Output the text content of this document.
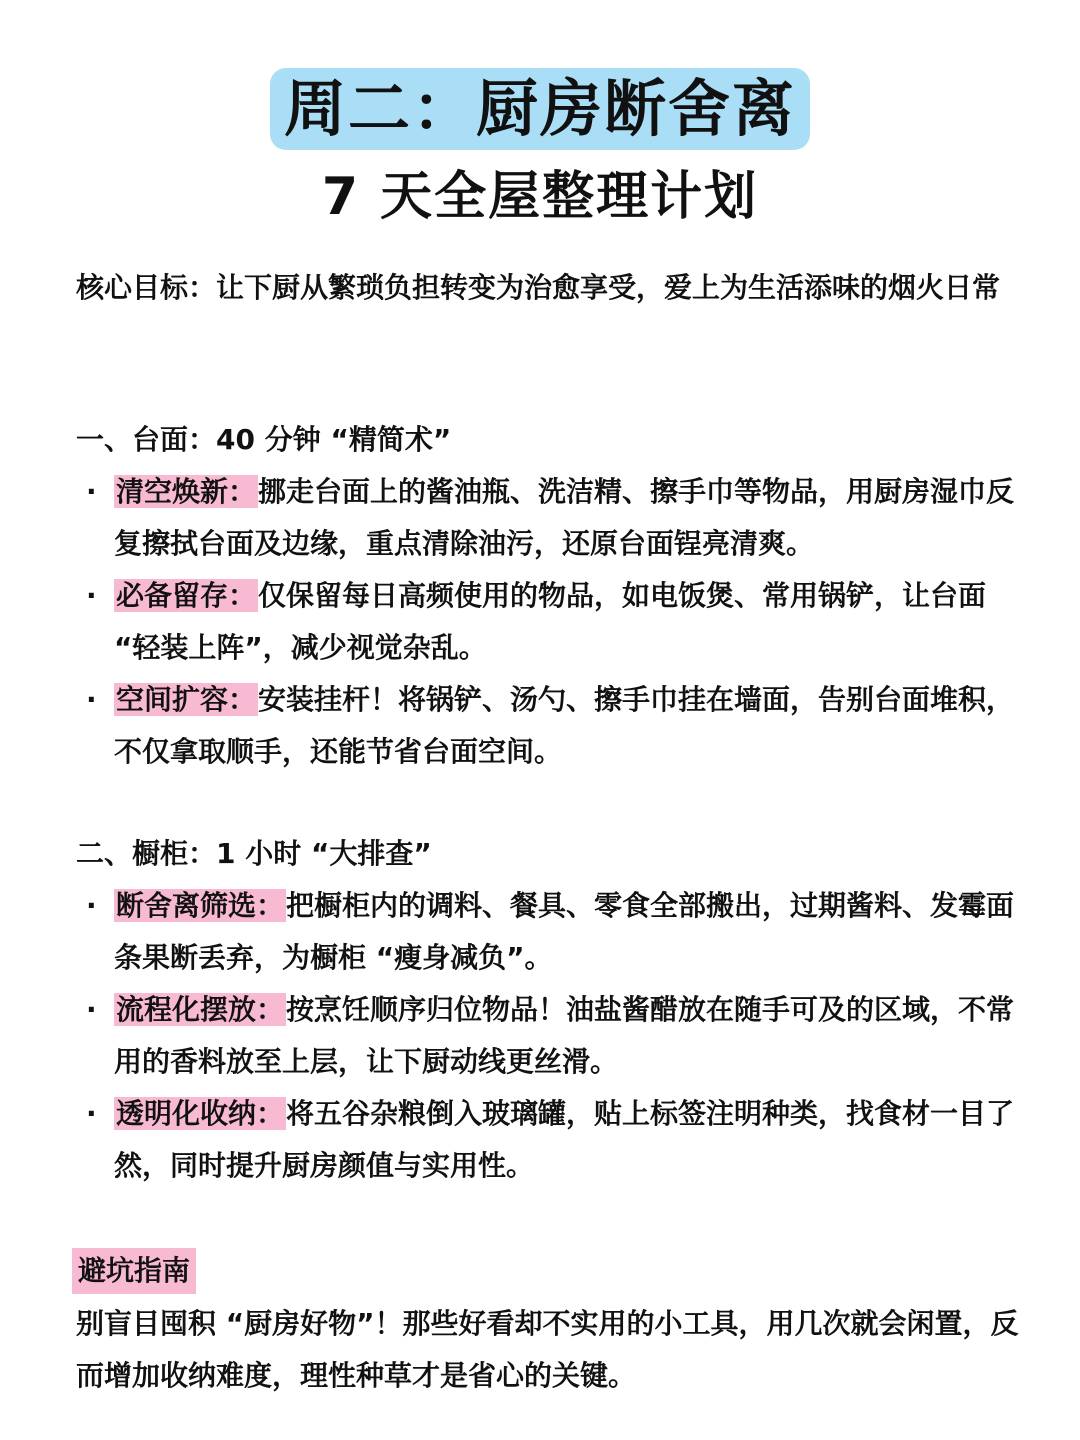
周二：厨房断舍离
7 天全屋整理计划
核心目标：让下厨从繁琐负担转变为治愈享受，爱上为生活添味的烟火日常
一、台面：40 分钟 “精简术”
· 清空焕新：挪走台面上的酱油瓶、洗洁精、擦手巾等物品，用厨房湿巾反复擦拭台面及边缘，重点清除油污，还原台面锃亮清爽。
· 必备留存：仅保留每日高频使用的物品，如电饭煲、常用锅铲，让台面 “轻装上阵”，减少视觉杂乱。
· 空间扩容：安装挂杆！将锅铲、汤勺、擦手巾挂在墙面，告别台面堆积，不仅拿取顺手，还能节省台面空间。
二、橱柜：1 小时 “大排查”
· 断舍离筛选：把橱柜内的调料、餐具、零食全部搬出，过期酱料、发霉面条果断丢弃，为橱柜 “瘦身减负”。
· 流程化摆放：按烹饪顺序归位物品！油盐酱醋放在随手可及的区域，不常用的香料放至上层，让下厨动线更丝滑。
· 透明化收纳：将五谷杂粮倒入玻璃罐，贴上标签注明种类，找食材一目了然，同时提升厨房颜值与实用性。
避坑指南
别盲目囤积 “厨房好物”！那些好看却不实用的小工具，用几次就会闲置，反而增加收纳难度，理性种草才是省心的关键。
